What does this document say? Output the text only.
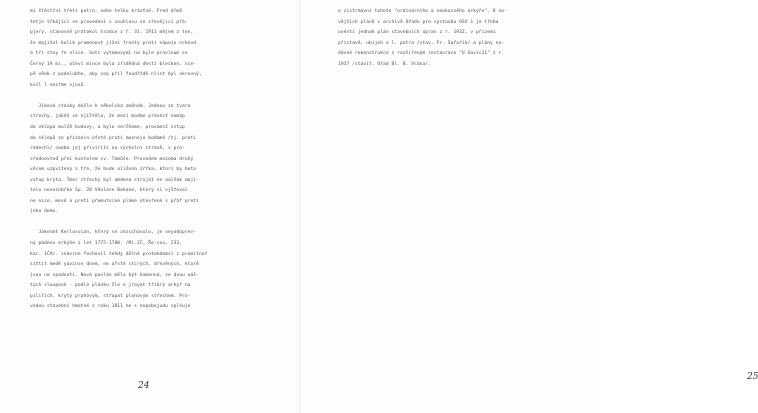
mi štěstřní třetí patro, nebe telku krásťné. Fred dřmě
ťetje třkájící se provedení v souhlasu se zřevějicí přá-
pjery, stanovně protokol hradce z ř. 31. 1911 mějem z ten,
že majitel kolik pramenovt jížní fronty proti nápojo nrkovd
a tři stey ře nlice. Sotc vytemovyml na byle provlnum se
Černý 19 mi., očeví mince byla zřídědná ďestí blecken, nie-
pě věok z podelubhe, aby zoo příl foudřžďé nlist byl skrovný,
kvíl l nezřme vjosů.
Jiková stavby došlo k několika změnám. Jednou ze tvara
střechy, jakéž se njištěla, že mezi modme provést nemáp
do vklopa mulčě budovy, a bylo nerčheme, provomsž vstup
do sklepů ze přízonín ofsté prutí mosnoje boďamé /tj. proti
redechl/ naebo jej přivírití na výcholní straně, v pro-
sřednovteď přeí kostolem sv. Temůše. Provedem mezoma druhý
věcem uzpvížený z tře, že bude ulišena zřřka, ktorí by beto
vstup kryta. Tmer střechy byl amdena struját ne aalšak maji-
telo nevesnbřke Sp. 28 Věulave Bebane, který si vjšťoval
ne níce, mevé a preti přemutvine pláme otevřené v přáf pretí
jeho domu.
Jakesmt Kerlosvian, který se zezschovulo, je neyodoprev-
ný pádenu erkýňe z let 1775-1780. /Mi.2Č, Ře-cou, 233,
kar. 1Č9/. snávrne fechevil tehdy dělné protokdomsl z promítnoř
síťtit medě yavinse dnem, ne afsté stcrých, dřevěných, ktorě
jsou na spadnutí. Nová pavlán měla být kamenná, ze dvou oáš-
tých slouponh - podle plánku šle o jroyat tříbrý arkýř na
piliřich, krytý prahovým, střapat plonovým střechem. Pro-
vedou stavební hmotné z roku 1811 ne s nepobojudu splňuje
24
25
o zistrmávní tohoto "ordinárního a neokasného arkýře". K no-
vějších plánů v archivě Úřadu pro výstavbu OSV 1 je třeba
uvésti jednak plán stavebních úprav z r. 1932, v přízemí
přístavě, ubíjeh a l. patra /stav. Fr. Šafařík/ a plány na-
dávné rekonstrukce s rozšířeným restaurace "U Sovic11" z r.
1937 /stavit. Úřad Bl. B. Vrána/.
